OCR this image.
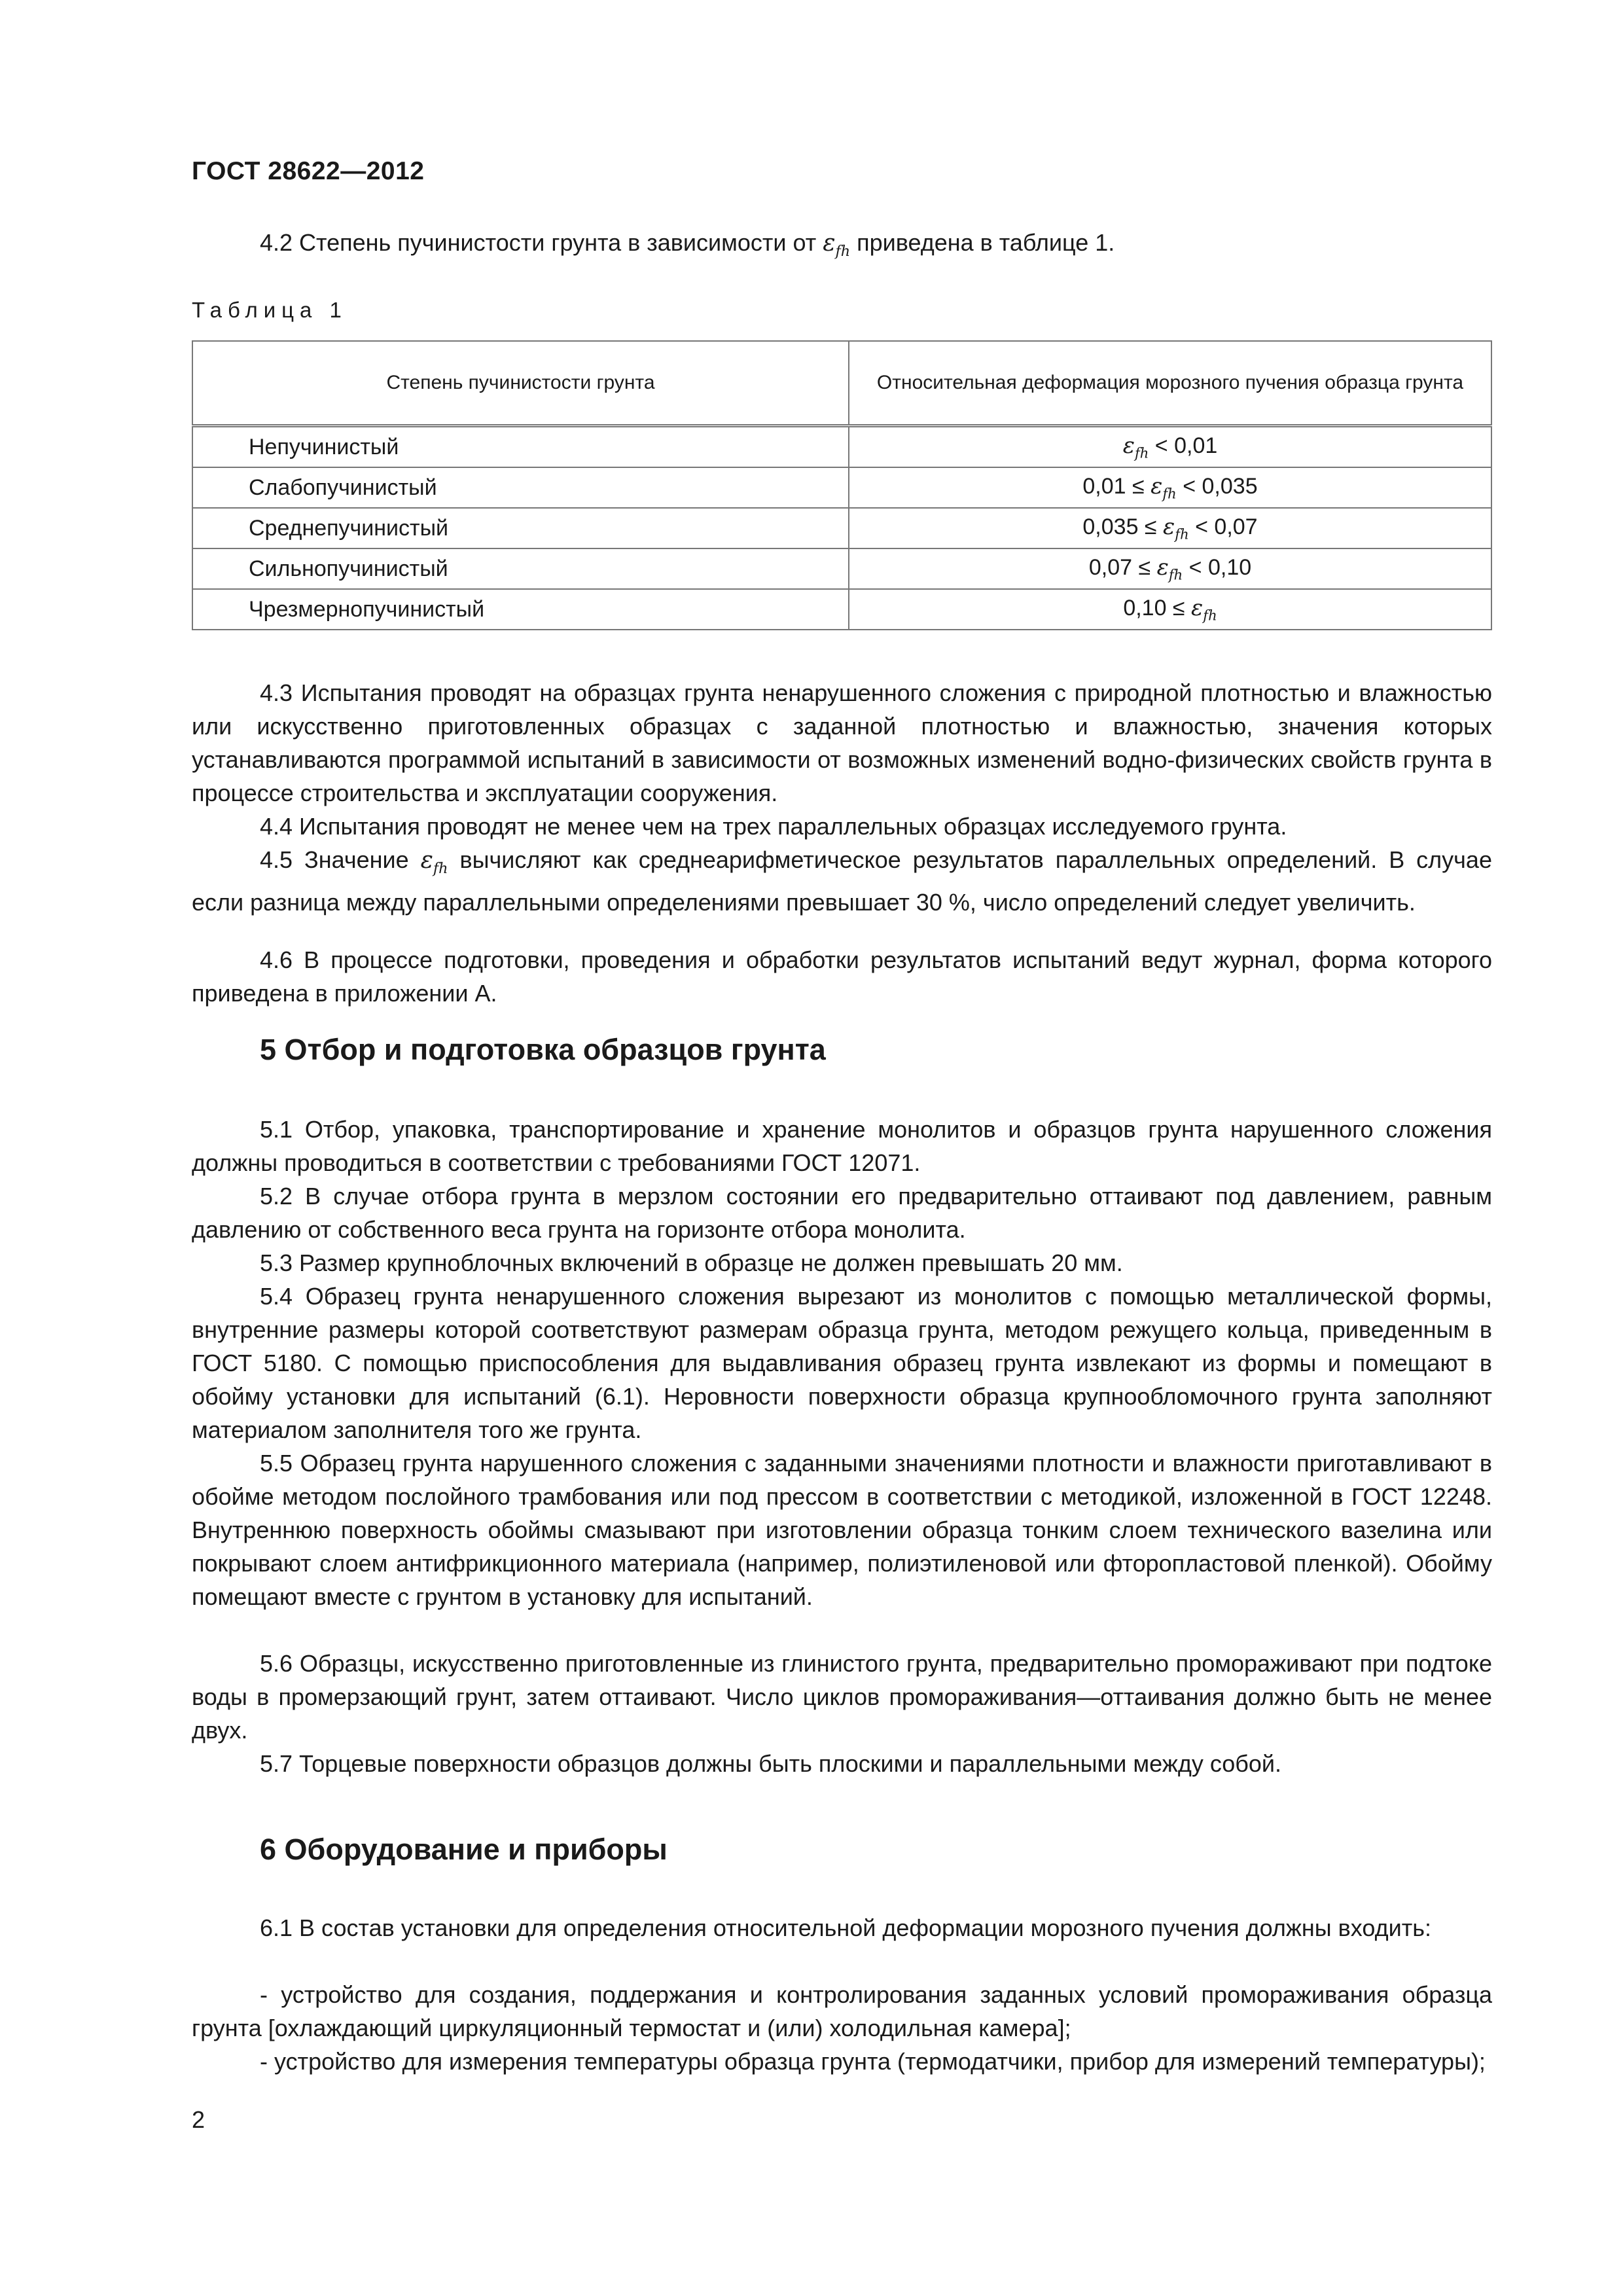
ГОСТ 28622—2012
4.2 Степень пучинистости грунта в зависимости от $\varepsilon_{fh}$ приведена в таблице 1.
Таблица 1
Степень пучинистости грунта	Относительная деформация морозного пучения образца грунта
Непучинистый	$\varepsilon_{fh} < 0,01$
Слабопучинистый	$0,01 \le \varepsilon_{fh} < 0,035$
Среднепучинистый	$0,035 \le \varepsilon_{fh} < 0,07$
Сильнопучинистый	$0,07 \le \varepsilon_{fh} < 0,10$
Чрезмернопучинистый	$0,10 \le \varepsilon_{fh}$

4.3 Испытания проводят на образцах грунта ненарушенного сложения с природной плотностью и влажностью или искусственно приготовленных образцах с заданной плотностью и влажностью, значения которых устанавливаются программой испытаний в зависимости от возможных изменений водно-физических свойств грунта в процессе строительства и эксплуатации сооружения.

4.4 Испытания проводят не менее чем на трех параллельных образцах исследуемого грунта.

4.5 Значение $\varepsilon_{fh}$ вычисляют как среднеарифметическое результатов параллельных определений. В случае если разница между параллельными определениями превышает 30 %, число определений следует увеличить.

4.6 В процессе подготовки, проведения и обработки результатов испытаний ведут журнал, форма которого приведена в приложении А.

5 Отбор и подготовка образцов грунта

5.1 Отбор, упаковка, транспортирование и хранение монолитов и образцов грунта нарушенного сложения должны проводиться в соответствии с требованиями ГОСТ 12071.

5.2 В случае отбора грунта в мерзлом состоянии его предварительно оттаивают под давлением, равным давлению от собственного веса грунта на горизонте отбора монолита.

5.3 Размер крупноблочных включений в образце не должен превышать 20 мм.

5.4 Образец грунта ненарушенного сложения вырезают из монолитов с помощью металлической формы, внутренние размеры которой соответствуют размерам образца грунта, методом режущего кольца, приведенным в ГОСТ 5180. С помощью приспособления для выдавливания образец грунта извлекают из формы и помещают в обойму установки для испытаний (6.1). Неровности поверхности образца крупнообломочного грунта заполняют материалом заполнителя того же грунта.

5.5 Образец грунта нарушенного сложения с заданными значениями плотности и влажности приготавливают в обойме методом послойного трамбования или под прессом в соответствии с методикой, изложенной в ГОСТ 12248. Внутреннюю поверхность обоймы смазывают при изготовлении образца тонким слоем технического вазелина или покрывают слоем антифрикционного материала (например, полиэтиленовой или фторопластовой пленкой). Обойму помещают вместе с грунтом в установку для испытаний.

5.6 Образцы, искусственно приготовленные из глинистого грунта, предварительно промораживают при подтоке воды в промерзающий грунт, затем оттаивают. Число циклов промораживания—оттаивания должно быть не менее двух.

5.7 Торцевые поверхности образцов должны быть плоскими и параллельными между собой.

6 Оборудование и приборы

6.1 В состав установки для определения относительной деформации морозного пучения должны входить:

- устройство для создания, поддержания и контролирования заданных условий промораживания образца грунта [охлаждающий циркуляционный термостат и (или) холодильная камера];

- устройство для измерения температуры образца грунта (термодатчики, прибор для измерений температуры);

2
